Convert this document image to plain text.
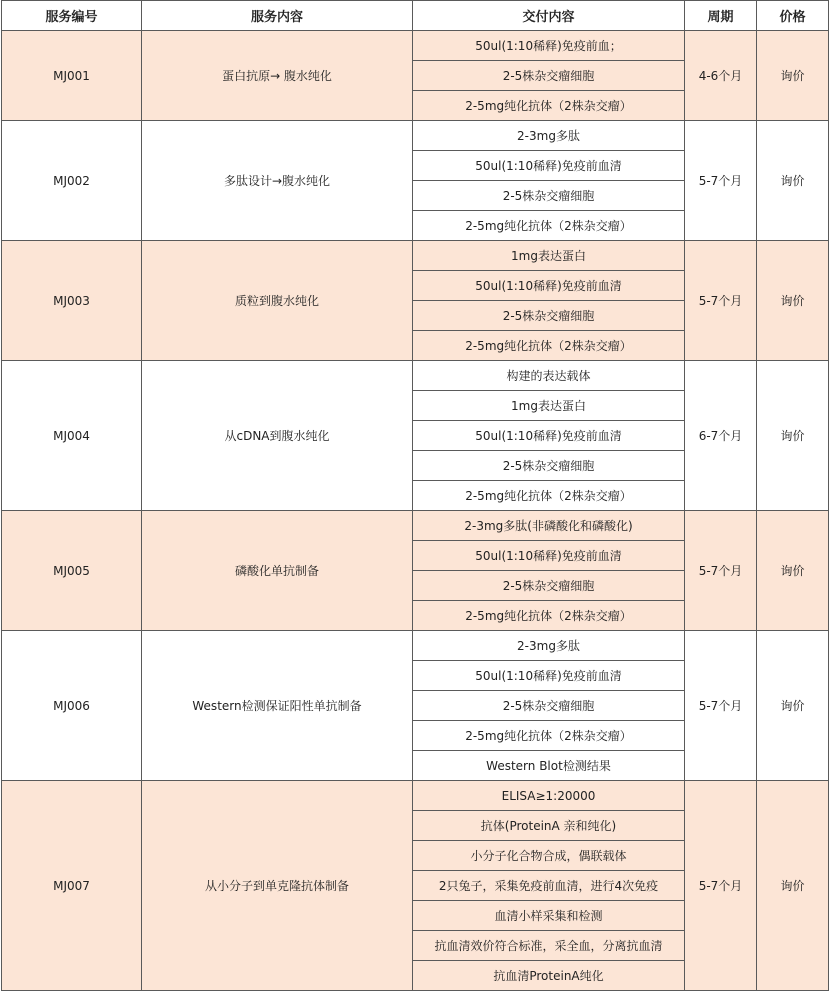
服务编号	服务内容	交付内容	周期	价格
MJ001	蛋白抗原→ 腹水纯化	50ul(1:10稀释)免疫前血；	4-6个月	询价
		2-5株杂交瘤细胞		
		2-5mg纯化抗体（2株杂交瘤）		
MJ002	多肽设计→腹水纯化	2-3mg多肽	5-7个月	询价
		50ul(1:10稀释)免疫前血清		
		2-5株杂交瘤细胞		
		2-5mg纯化抗体（2株杂交瘤）		
MJ003	质粒到腹水纯化	1mg表达蛋白	5-7个月	询价
		50ul(1:10稀释)免疫前血清		
		2-5株杂交瘤细胞		
		2-5mg纯化抗体（2株杂交瘤）		
MJ004	从cDNA到腹水纯化	构建的表达载体	6-7个月	询价
		1mg表达蛋白		
		50ul(1:10稀释)免疫前血清		
		2-5株杂交瘤细胞		
		2-5mg纯化抗体（2株杂交瘤）		
MJ005	磷酸化单抗制备	2-3mg多肽(非磷酸化和磷酸化)	5-7个月	询价
		50ul(1:10稀释)免疫前血清		
		2-5株杂交瘤细胞		
		2-5mg纯化抗体（2株杂交瘤）		
MJ006	Western检测保证阳性单抗制备	2-3mg多肽	5-7个月	询价
		50ul(1:10稀释)免疫前血清		
		2-5株杂交瘤细胞		
		2-5mg纯化抗体（2株杂交瘤）		
		Western Blot检测结果		
MJ007	从小分子到单克隆抗体制备	ELISA≥1:20000	5-7个月	询价
		抗体(ProteinA 亲和纯化)		
		小分子化合物合成，偶联载体		
		2只兔子，采集免疫前血清，进行4次免疫		
		血清小样采集和检测		
		抗血清效价符合标准，采全血，分离抗血清		
		抗血清ProteinA纯化		
